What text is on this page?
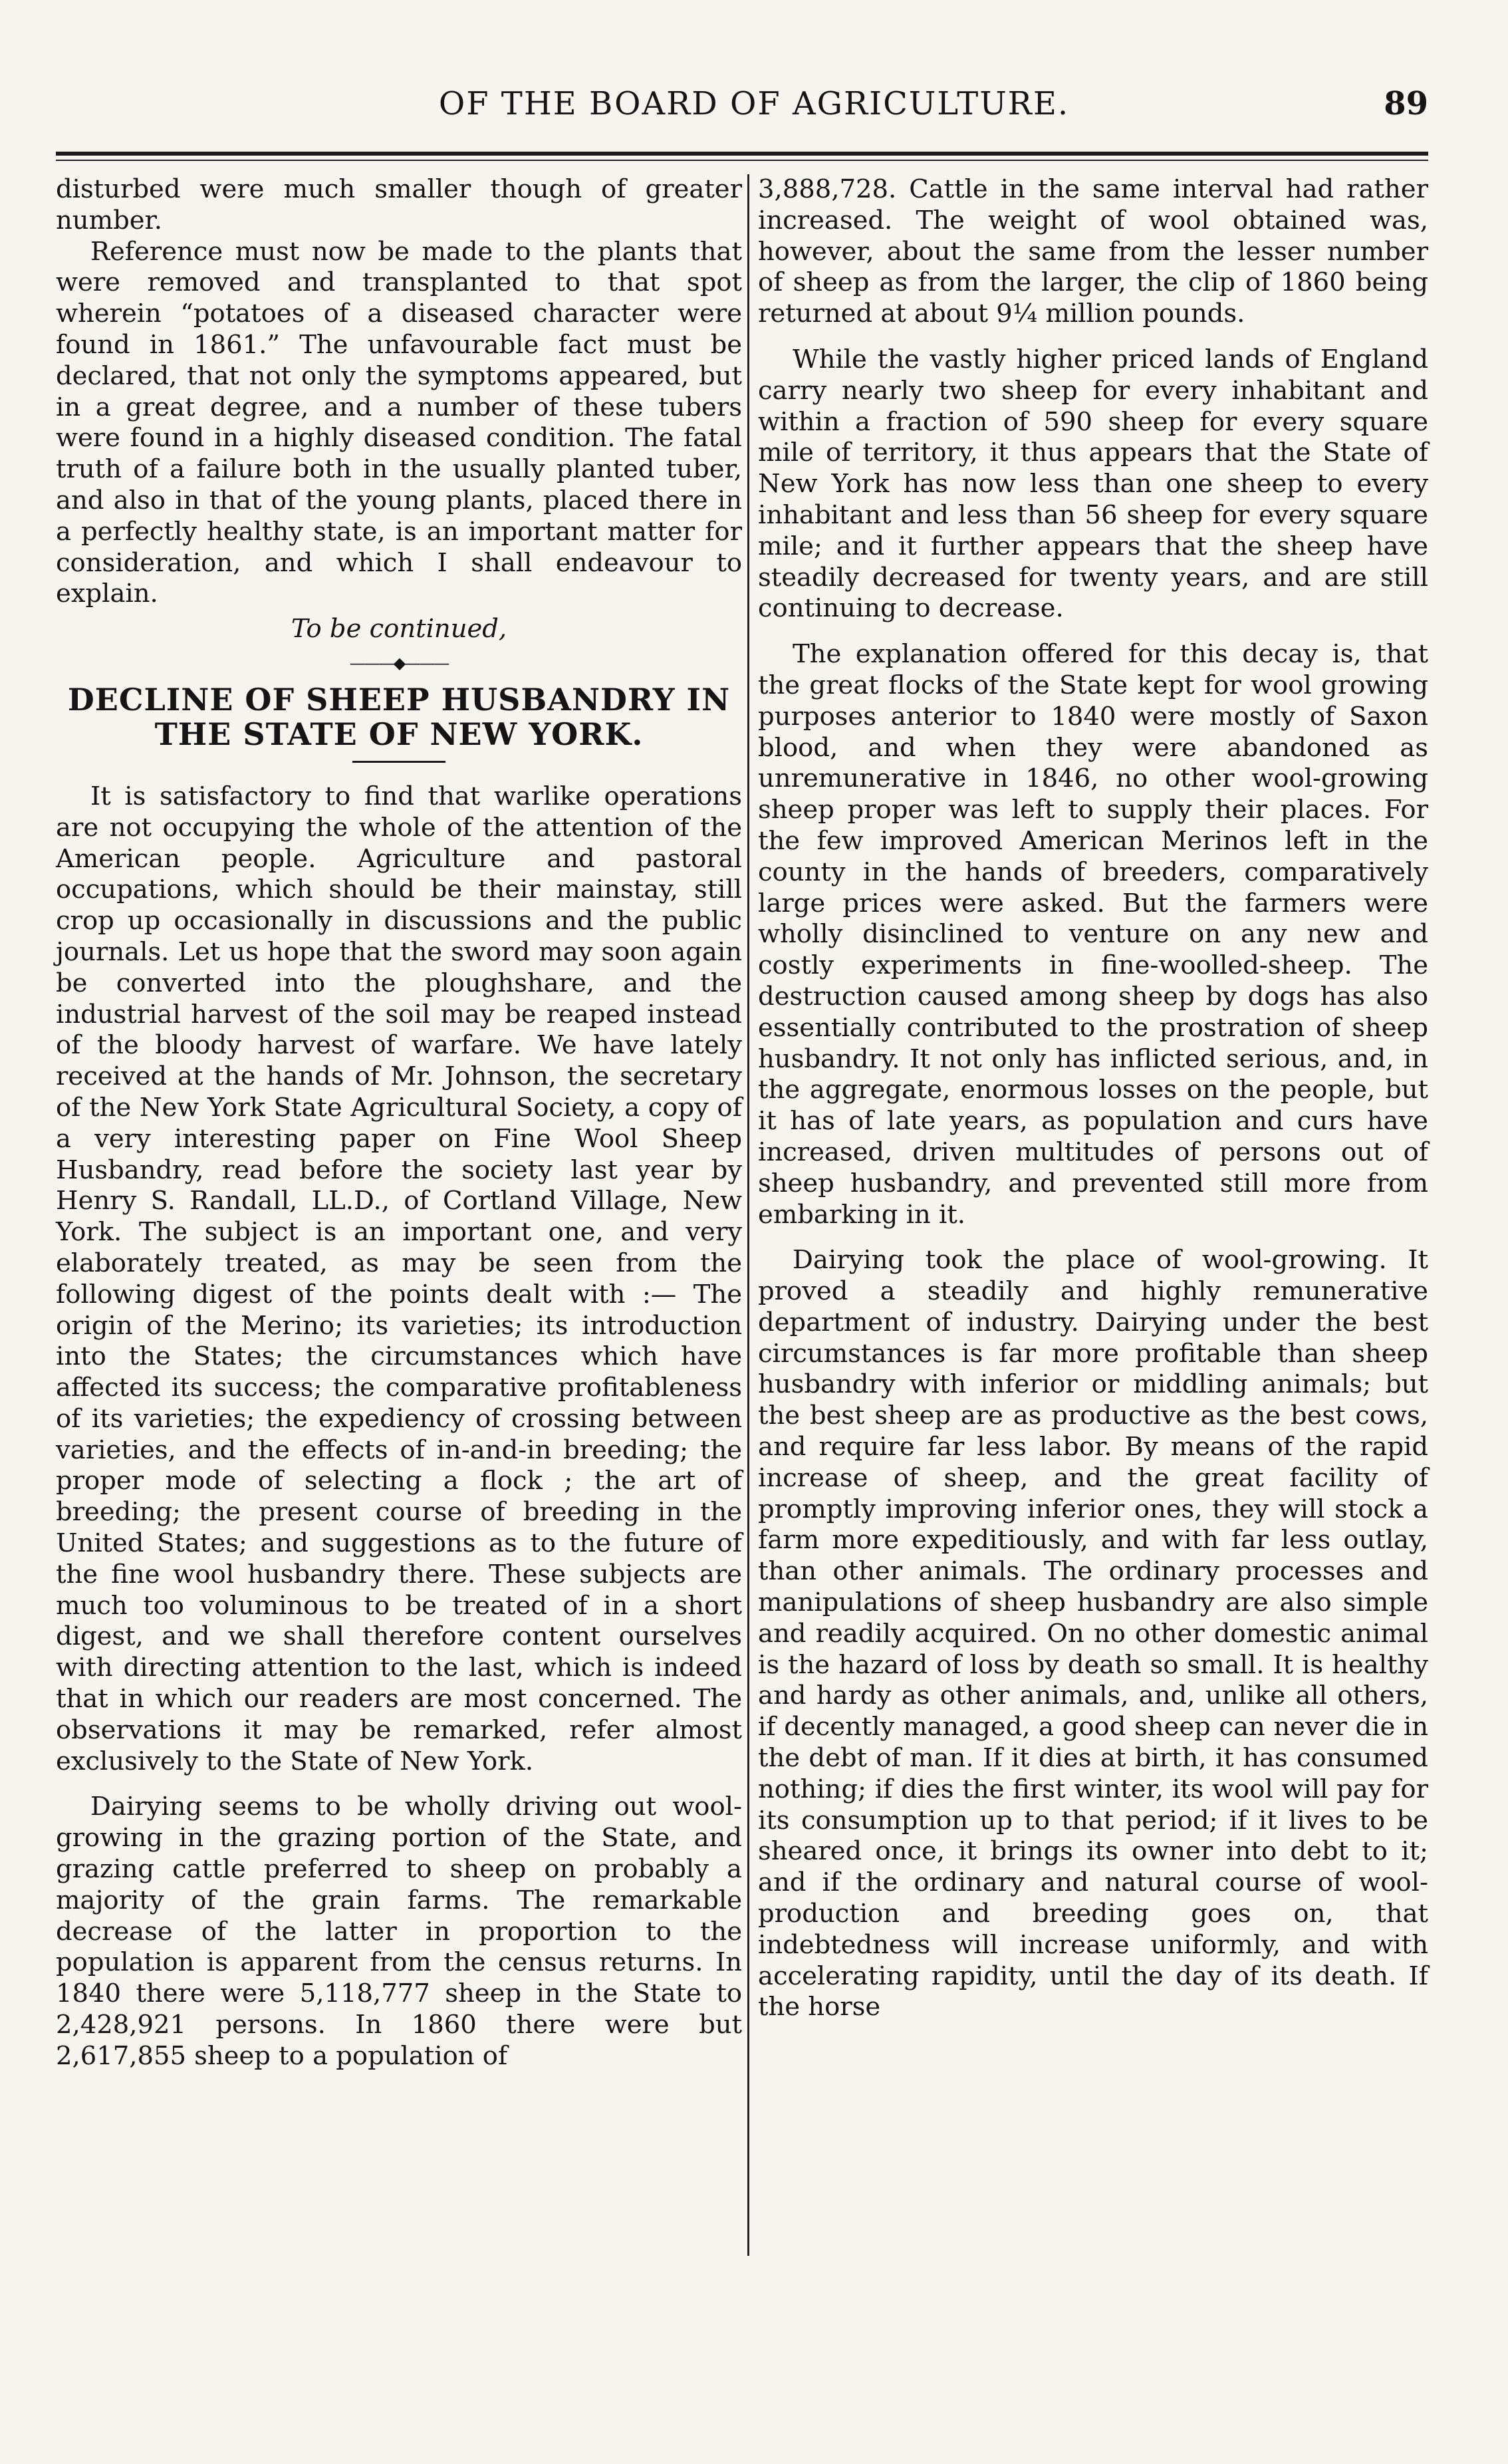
OF THE BOARD OF AGRICULTURE.	89

disturbed were much smaller though of greater number.

Reference must now be made to the plants that were removed and transplanted to that spot wherein “potatoes of a diseased character were found in 1861.” The unfavourable fact must be declared, that not only the symptoms appeared, but in a great degree, and a number of these tubers were found in a highly diseased condition. The fatal truth of a failure both in the usually planted tuber, and also in that of the young plants, placed there in a perfectly healthy state, is an important matter for consideration, and which I shall endeavour to explain.

To be continued,
———◆———
DECLINE OF SHEEP HUSBANDRY IN
THE STATE OF NEW YORK.

It is satisfactory to find that warlike operations are not occupying the whole of the attention of the American people. Agriculture and pastoral occupations, which should be their mainstay, still crop up occasionally in discussions and the public journals. Let us hope that the sword may soon again be converted into the ploughshare, and the industrial harvest of the soil may be reaped instead of the bloody harvest of warfare. We have lately received at the hands of Mr. Johnson, the secretary of the New York State Agricultural Society, a copy of a very interesting paper on Fine Wool Sheep Husbandry, read before the society last year by Henry S. Randall, LL.D., of Cortland Village, New York. The subject is an important one, and very elaborately treated, as may be seen from the following digest of the points dealt with :— The origin of the Merino; its varieties; its introduction into the States; the circumstances which have affected its success; the comparative profitableness of its varieties; the expediency of crossing between varieties, and the effects of in-and-in breeding; the proper mode of selecting a flock ; the art of breeding; the present course of breeding in the United States; and suggestions as to the future of the fine wool husbandry there. These subjects are much too voluminous to be treated of in a short digest, and we shall therefore content ourselves with directing attention to the last, which is indeed that in which our readers are most concerned. The observations it may be remarked, refer almost exclusively to the State of New York.

Dairying seems to be wholly driving out wool-growing in the grazing portion of the State, and grazing cattle preferred to sheep on probably a majority of the grain farms. The remarkable decrease of the latter in proportion to the population is apparent from the census returns. In 1840 there were 5,118,777 sheep in the State to 2,428,921 persons. In 1860 there were but 2,617,855 sheep to a population of

3,888,728. Cattle in the same interval had rather increased. The weight of wool obtained was, however, about the same from the lesser number of sheep as from the larger, the clip of 1860 being returned at about 9¼ million pounds.

While the vastly higher priced lands of England carry nearly two sheep for every inhabitant and within a fraction of 590 sheep for every square mile of territory, it thus appears that the State of New York has now less than one sheep to every inhabitant and less than 56 sheep for every square mile; and it further appears that the sheep have steadily decreased for twenty years, and are still continuing to decrease.

The explanation offered for this decay is, that the great flocks of the State kept for wool growing purposes anterior to 1840 were mostly of Saxon blood, and when they were abandoned as unremunerative in 1846, no other wool-growing sheep proper was left to supply their places. For the few improved American Merinos left in the county in the hands of breeders, comparatively large prices were asked. But the farmers were wholly disinclined to venture on any new and costly experiments in fine-woolled-sheep. The destruction caused among sheep by dogs has also essentially contributed to the prostration of sheep husbandry. It not only has inflicted serious, and, in the aggregate, enormous losses on the people, but it has of late years, as population and curs have increased, driven multitudes of persons out of sheep husbandry, and prevented still more from embarking in it.

Dairying took the place of wool-growing. It proved a steadily and highly remunerative department of industry. Dairying under the best circumstances is far more profitable than sheep husbandry with inferior or middling animals; but the best sheep are as productive as the best cows, and require far less labor. By means of the rapid increase of sheep, and the great facility of promptly improving inferior ones, they will stock a farm more expeditiously, and with far less outlay, than other animals. The ordinary processes and manipulations of sheep husbandry are also simple and readily acquired. On no other domestic animal is the hazard of loss by death so small. It is healthy and hardy as other animals, and, unlike all others, if decently managed, a good sheep can never die in the debt of man. If it dies at birth, it has consumed nothing; if dies the first winter, its wool will pay for its consumption up to that period; if it lives to be sheared once, it brings its owner into debt to it; and if the ordinary and natural course of wool-production and breeding goes on, that indebtedness will increase uniformly, and with accelerating rapidity, until the day of its death. If the horse
